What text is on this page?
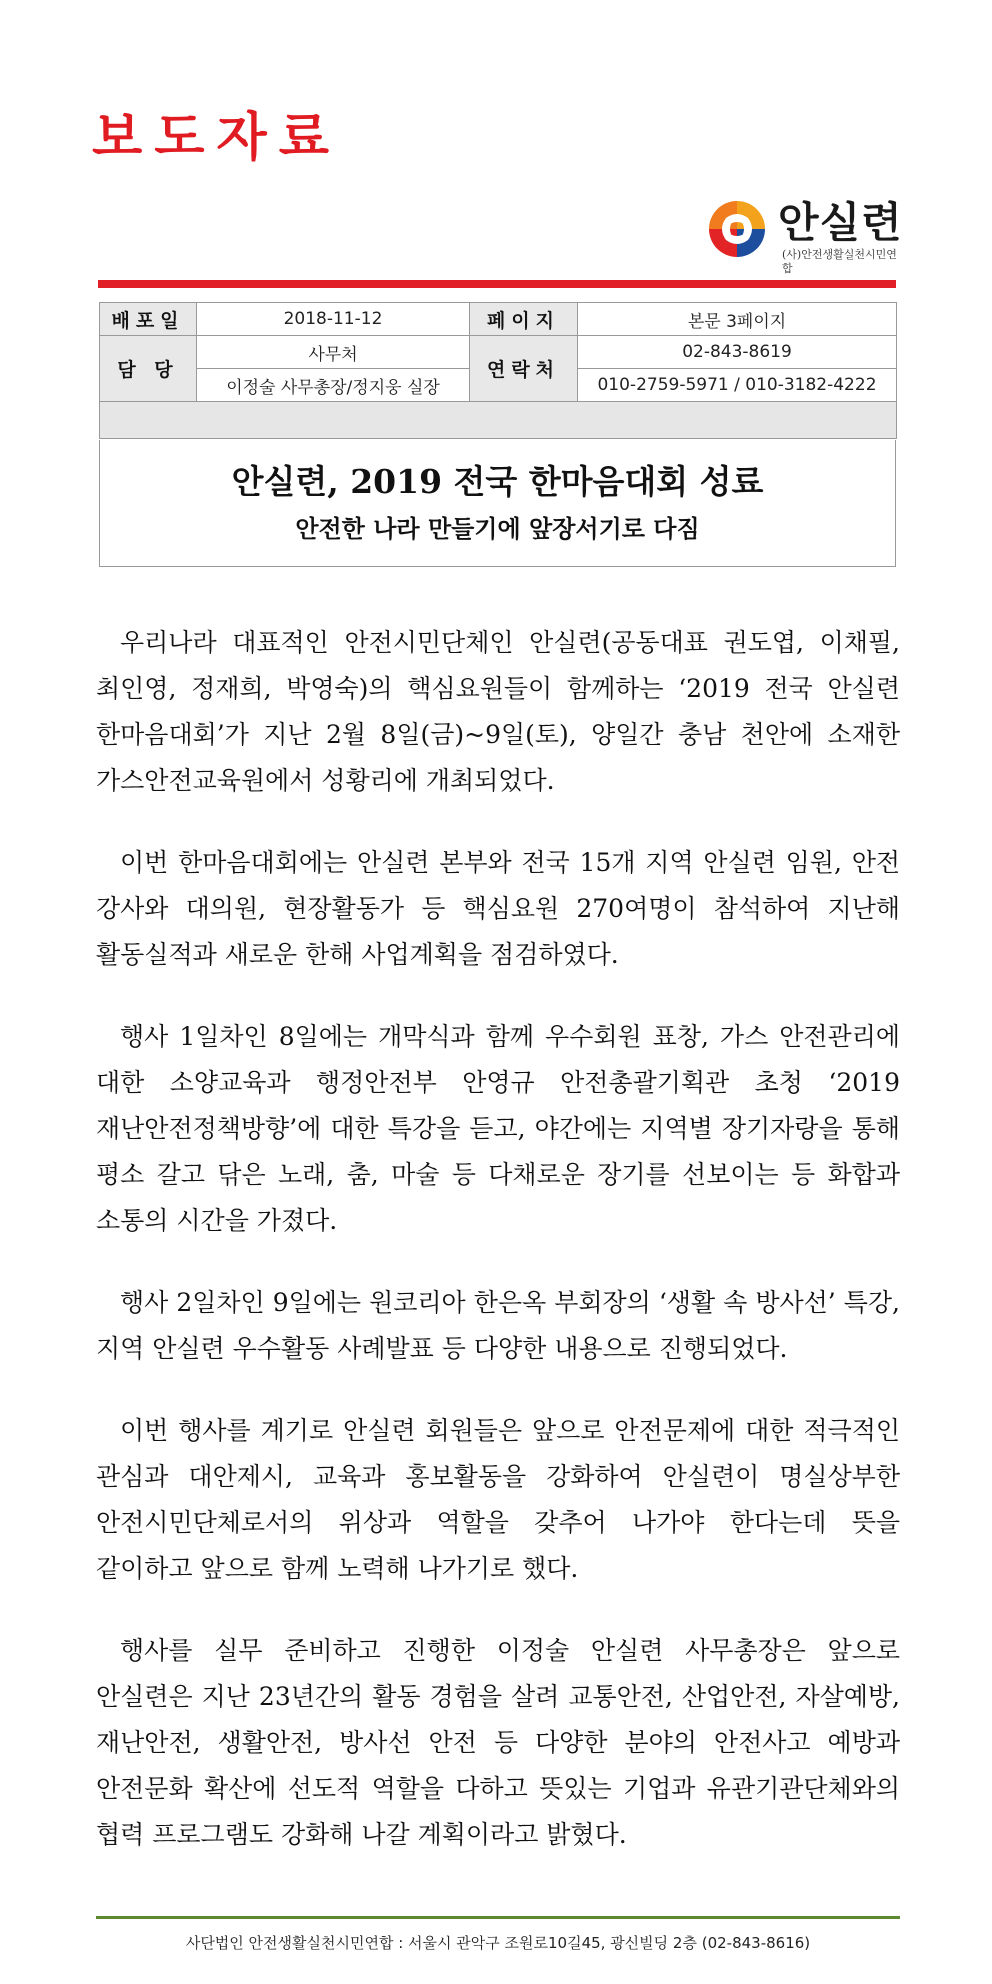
보도자료
안실련
(사)안전생활실천시민연합
배포일	2018-11-12	페이지	본문 3페이지
담 당	사무처	연락처	02-843-8619
	이정술 사무총장/정지웅 실장		010-2759-5971 / 010-3182-4222

안실련, 2019 전국 한마음대회 성료
안전한 나라 만들기에 앞장서기로 다짐

우리나라 대표적인 안전시민단체인 안실련(공동대표 권도엽, 이채필, 최인영, 정재희, 박영숙)의 핵심요원들이 함께하는 ‘2019 전국 안실련 한마음대회’가 지난 2월 8일(금)~9일(토), 양일간 충남 천안에 소재한 가스안전교육원에서 성황리에 개최되었다.

이번 한마음대회에는 안실련 본부와 전국 15개 지역 안실련 임원, 안전 강사와 대의원, 현장활동가 등 핵심요원 270여명이 참석하여 지난해 활동실적과 새로운 한해 사업계획을 점검하였다.

행사 1일차인 8일에는 개막식과 함께 우수회원 표창, 가스 안전관리에 대한 소양교육과 행정안전부 안영규 안전총괄기획관 초청 ‘2019 재난안전정책방향’에 대한 특강을 듣고, 야간에는 지역별 장기자랑을 통해 평소 갈고 닦은 노래, 춤, 마술 등 다채로운 장기를 선보이는 등 화합과 소통의 시간을 가졌다.

행사 2일차인 9일에는 원코리아 한은옥 부회장의 ‘생활 속 방사선’ 특강, 지역 안실련 우수활동 사례발표 등 다양한 내용으로 진행되었다.

이번 행사를 계기로 안실련 회원들은 앞으로 안전문제에 대한 적극적인 관심과 대안제시, 교육과 홍보활동을 강화하여 안실련이 명실상부한 안전시민단체로서의 위상과 역할을 갖추어 나가야 한다는데 뜻을 같이하고 앞으로 함께 노력해 나가기로 했다.

행사를 실무 준비하고 진행한 이정술 안실련 사무총장은 앞으로 안실련은 지난 23년간의 활동 경험을 살려 교통안전, 산업안전, 자살예방, 재난안전, 생활안전, 방사선 안전 등 다양한 분야의 안전사고 예방과 안전문화 확산에 선도적 역할을 다하고 뜻있는 기업과 유관기관단체와의 협력 프로그램도 강화해 나갈 계획이라고 밝혔다.

사단법인 안전생활실천시민연합 : 서울시 관악구 조원로10길45, 광신빌딩 2층 (02-843-8616)
